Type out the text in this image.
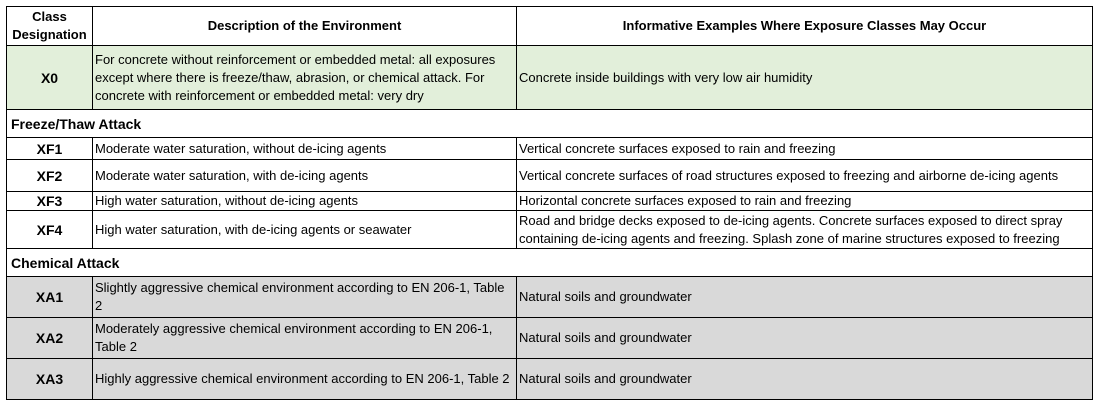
Class Designation	Description of the Environment	Informative Examples Where Exposure Classes May Occur
X0	For concrete without reinforcement or embedded metal: all exposures except where there is freeze/thaw, abrasion, or chemical attack. For concrete with reinforcement or embedded metal: very dry	Concrete inside buildings with very low air humidity
Freeze/Thaw Attack		
XF1	Moderate water saturation, without de-icing agents	Vertical concrete surfaces exposed to rain and freezing
XF2	Moderate water saturation, with de-icing agents	Vertical concrete surfaces of road structures exposed to freezing and airborne de-icing agents
XF3	High water saturation, without de-icing agents	Horizontal concrete surfaces exposed to rain and freezing
XF4	High water saturation, with de-icing agents or seawater	Road and bridge decks exposed to de-icing agents. Concrete surfaces exposed to direct spray containing de-icing agents and freezing. Splash zone of marine structures exposed to freezing
Chemical Attack		
XA1	Slightly aggressive chemical environment according to EN 206-1, Table 2	Natural soils and groundwater
XA2	Moderately aggressive chemical environment according to EN 206-1, Table 2	Natural soils and groundwater
XA3	Highly aggressive chemical environment according to EN 206-1, Table 2	Natural soils and groundwater
